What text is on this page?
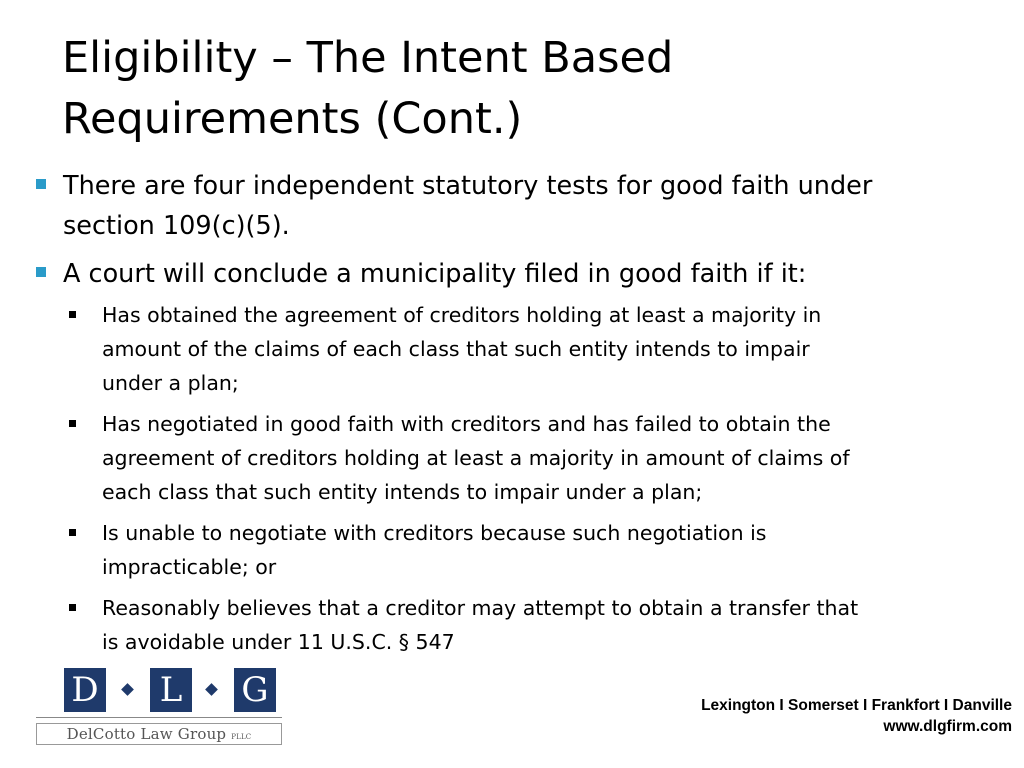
Eligibility – The Intent Based
Requirements (Cont.)
There are four independent statutory tests for good faith under
section 109(c)(5).
A court will conclude a municipality filed in good faith if it:
Has obtained the agreement of creditors holding at least a majority in
amount of the claims of each class that such entity intends to impair
under a plan;
Has negotiated in good faith with creditors and has failed to obtain the
agreement of creditors holding at least a majority in amount of claims of
each class that such entity intends to impair under a plan;
Is unable to negotiate with creditors because such negotiation is
impracticable; or
Reasonably believes that a creditor may attempt to obtain a transfer that
is avoidable under 11 U.S.C. § 547
D L G
DelCotto Law Group PLLC
Lexington I Somerset I Frankfort I Danville
www.dlgfirm.com
